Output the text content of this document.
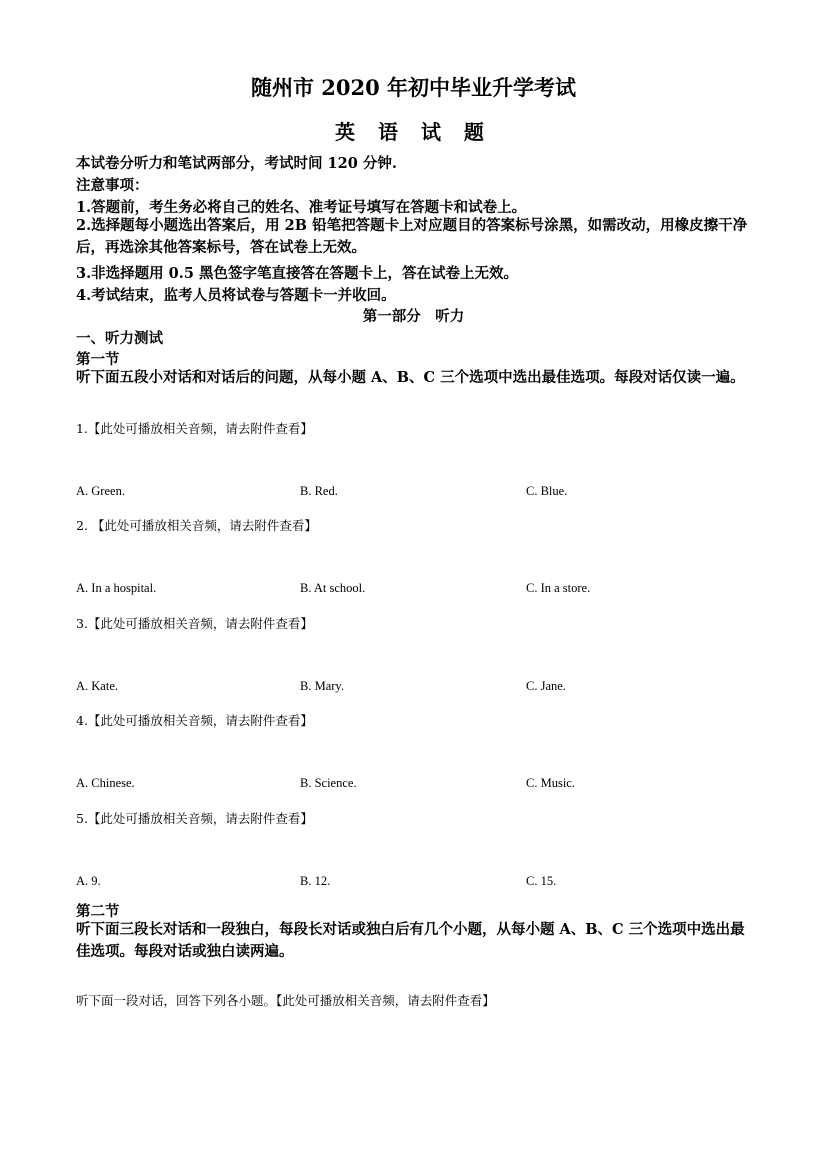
随州市 2020 年初中毕业升学考试
英 语 试 题
本试卷分听力和笔试两部分，考试时间 120 分钟.
注意事项：
1.答题前，考生务必将自己的姓名、准考证号填写在答题卡和试卷上。
2.选择题每小题选出答案后，用 2B 铅笔把答题卡上对应题目的答案标号涂黑，如需改动，用橡皮擦干净后，再选涂其他答案标号，答在试卷上无效。
3.非选择题用 0.5 黑色签字笔直接答在答题卡上，答在试卷上无效。
4.考试结束，监考人员将试卷与答题卡一并收回。
第一部分　听力
一、听力测试
第一节
听下面五段小对话和对话后的问题，从每小题 A、B、C 三个选项中选出最佳选项。每段对话仅读一遍。
1.【此处可播放相关音频，请去附件查看】
A. Green.	B. Red.	C. Blue.
2. 【此处可播放相关音频，请去附件查看】
A. In a hospital.	B. At school.	C. In a store.
3.【此处可播放相关音频，请去附件查看】
A. Kate.	B. Mary.	C. Jane.
4.【此处可播放相关音频，请去附件查看】
A. Chinese.	B. Science.	C. Music.
5.【此处可播放相关音频，请去附件查看】
A. 9.	B. 12.	C. 15.
第二节
听下面三段长对话和一段独白，每段长对话或独白后有几个小题，从每小题 A、B、C 三个选项中选出最佳选项。每段对话或独白读两遍。
听下面一段对话，回答下列各小题。【此处可播放相关音频，请去附件查看】
